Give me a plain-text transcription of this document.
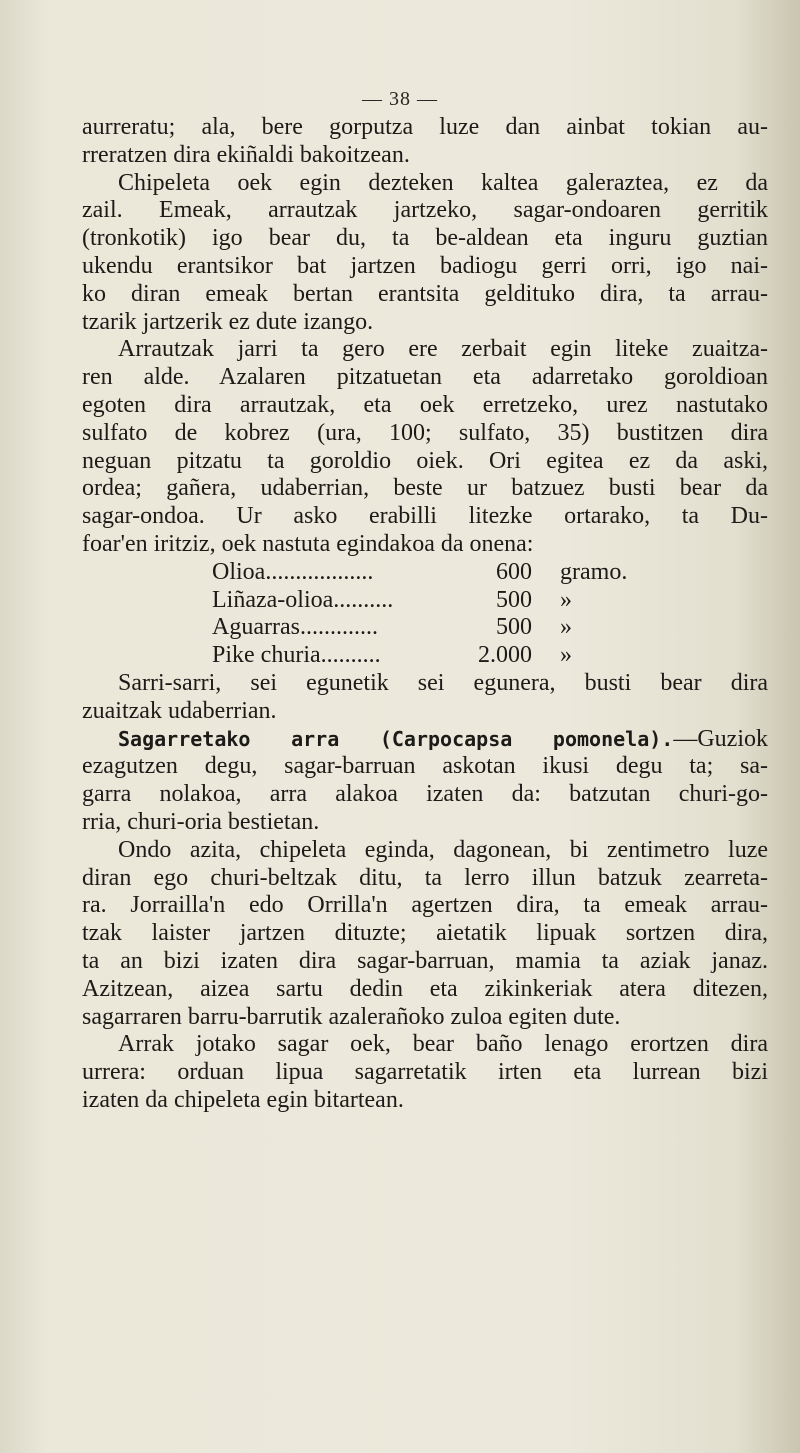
— 38 —
aurreratu; ala, bere gorputza luze dan ainbat tokian au-
rreratzen dira ekiñaldi bakoitzean.
Chipeleta oek egin dezteken kaltea galeraztea, ez da
zail. Emeak, arrautzak jartzeko, sagar-ondoaren gerritik
(tronkotik) igo bear du, ta be-aldean eta inguru guztian
ukendu erantsikor bat jartzen badiogu gerri orri, igo nai-
ko diran emeak bertan erantsita geldituko dira, ta arrau-
tzarik jartzerik ez dute izango.
Arrautzak jarri ta gero ere zerbait egin liteke zuaitza-
ren alde. Azalaren pitzatuetan eta adarretako goroldioan
egoten dira arrautzak, eta oek erretzeko, urez nastutako
sulfato de kobrez (ura, 100; sulfato, 35) bustitzen dira
neguan pitzatu ta goroldio oiek. Ori egitea ez da aski,
ordea; gañera, udaberrian, beste ur batzuez busti bear da
sagar-ondoa. Ur asko erabilli litezke ortarako, ta Du-
foar'en iritziz, oek nastuta egindakoa da onena:
Olioa..................	600 gramo.
Liñaza-olioa..........	500 »
Aguarras.............	500 »
Pike churia..........	2.000 »
Sarri-sarri, sei egunetik sei egunera, busti bear dira
zuaitzak udaberrian.
Sagarretako arra (Carpocapsa pomonela).—Guziok
ezagutzen degu, sagar-barruan askotan ikusi degu ta; sa-
garra nolakoa, arra alakoa izaten da: batzutan churi-go-
rria, churi-oria bestietan.
Ondo azita, chipeleta eginda, dagonean, bi zentimetro luze
diran ego churi-beltzak ditu, ta lerro illun batzuk zearreta-
ra. Jorrailla'n edo Orrilla'n agertzen dira, ta emeak arrau-
tzak laister jartzen dituzte; aietatik lipuak sortzen dira,
ta an bizi izaten dira sagar-barruan, mamia ta aziak janaz.
Azitzean, aizea sartu dedin eta zikinkeriak atera ditezen,
sagarraren barru-barrutik azalerañoko zuloa egiten dute.
Arrak jotako sagar oek, bear baño lenago erortzen dira
urrera: orduan lipua sagarretatik irten eta lurrean bizi
izaten da chipeleta egin bitartean.
